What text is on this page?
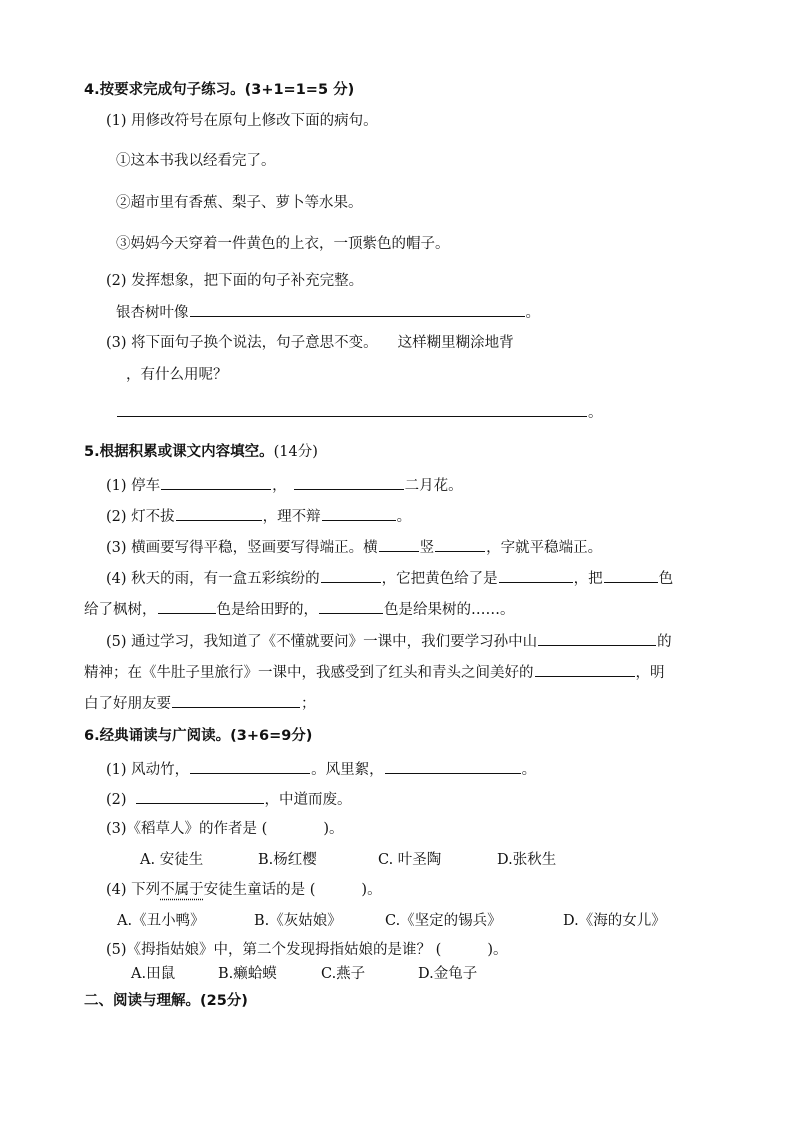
4.按要求完成句子练习。(3+1=1=5 分)
(1) 用修改符号在原句上修改下面的病句。
①这本书我以经看完了。
②超市里有香蕉、梨子、萝卜等水果。
③妈妈今天穿着一件黄色的上衣，一顶紫色的帽子。
(2) 发挥想象，把下面的句子补充完整。
银杏树叶像	。
(3) 将下面句子换个说法，句子意思不变。 这样糊里糊涂地背
，有什么用呢？
。
5.根据积累或课文内容填空。(14分)
(1) 停车	，	二月花。
(2) 灯不拔	，理不辩	。
(3) 横画要写得平稳，竖画要写得端正。横	竖	，字就平稳端正。
(4) 秋天的雨，有一盒五彩缤纷的	，它把黄色给了是	，把	色
给了枫树，	色是给田野的，	色是给果树的……。
(5) 通过学习，我知道了《不懂就要问》一课中，我们要学习孙中山	的
精神；在《牛肚子里旅行》一课中，我感受到了红头和青头之间美好的	，明
白了好朋友要	；
6.经典诵读与广阅读。(3+6=9分)
(1) 风动竹，	。风里絮，	。
(2)	，中道而废。
(3)《稻草人》的作者是 (	)。
A. 安徒生	B.杨红樱	C. 叶圣陶	D.张秋生
(4) 下列不属于安徒生童话的是 (	)。
A.《丑小鸭》	B.《灰姑娘》	C.《坚定的锡兵》	D.《海的女儿》
(5)《拇指姑娘》中，第二个发现拇指姑娘的是谁？ (	)。
A.田鼠	B.癞蛤蟆	C.燕子	D.金龟子
二、阅读与理解。(25分)
